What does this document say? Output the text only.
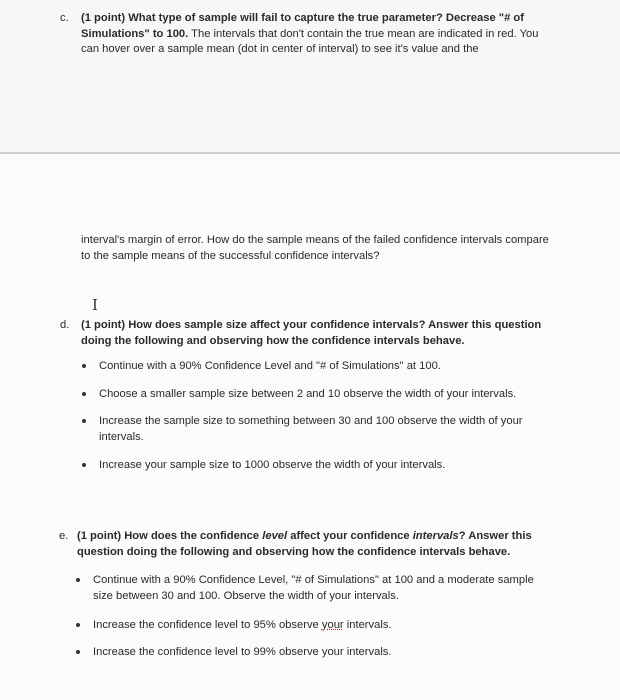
c. (1 point) What type of sample will fail to capture the true parameter? Decrease "# of Simulations" to 100. The intervals that don't contain the true mean are indicated in red. You can hover over a sample mean (dot in center of interval) to see it's value and the

interval's margin of error. How do the sample means of the failed confidence intervals compare to the sample means of the successful confidence intervals?

I
d. (1 point) How does sample size affect your confidence intervals? Answer this question doing the following and observing how the confidence intervals behave.

Continue with a 90% Confidence Level and "# of Simulations" at 100.
Choose a smaller sample size between 2 and 10 observe the width of your intervals.
Increase the sample size to something between 30 and 100 observe the width of your intervals.
Increase your sample size to 1000 observe the width of your intervals.
e. (1 point) How does the confidence level affect your confidence intervals? Answer this question doing the following and observing how the confidence intervals behave.

Continue with a 90% Confidence Level, "# of Simulations" at 100 and a moderate sample size between 30 and 100. Observe the width of your intervals.
Increase the confidence level to 95% observe your intervals.
Increase the confidence level to 99% observe your intervals.
